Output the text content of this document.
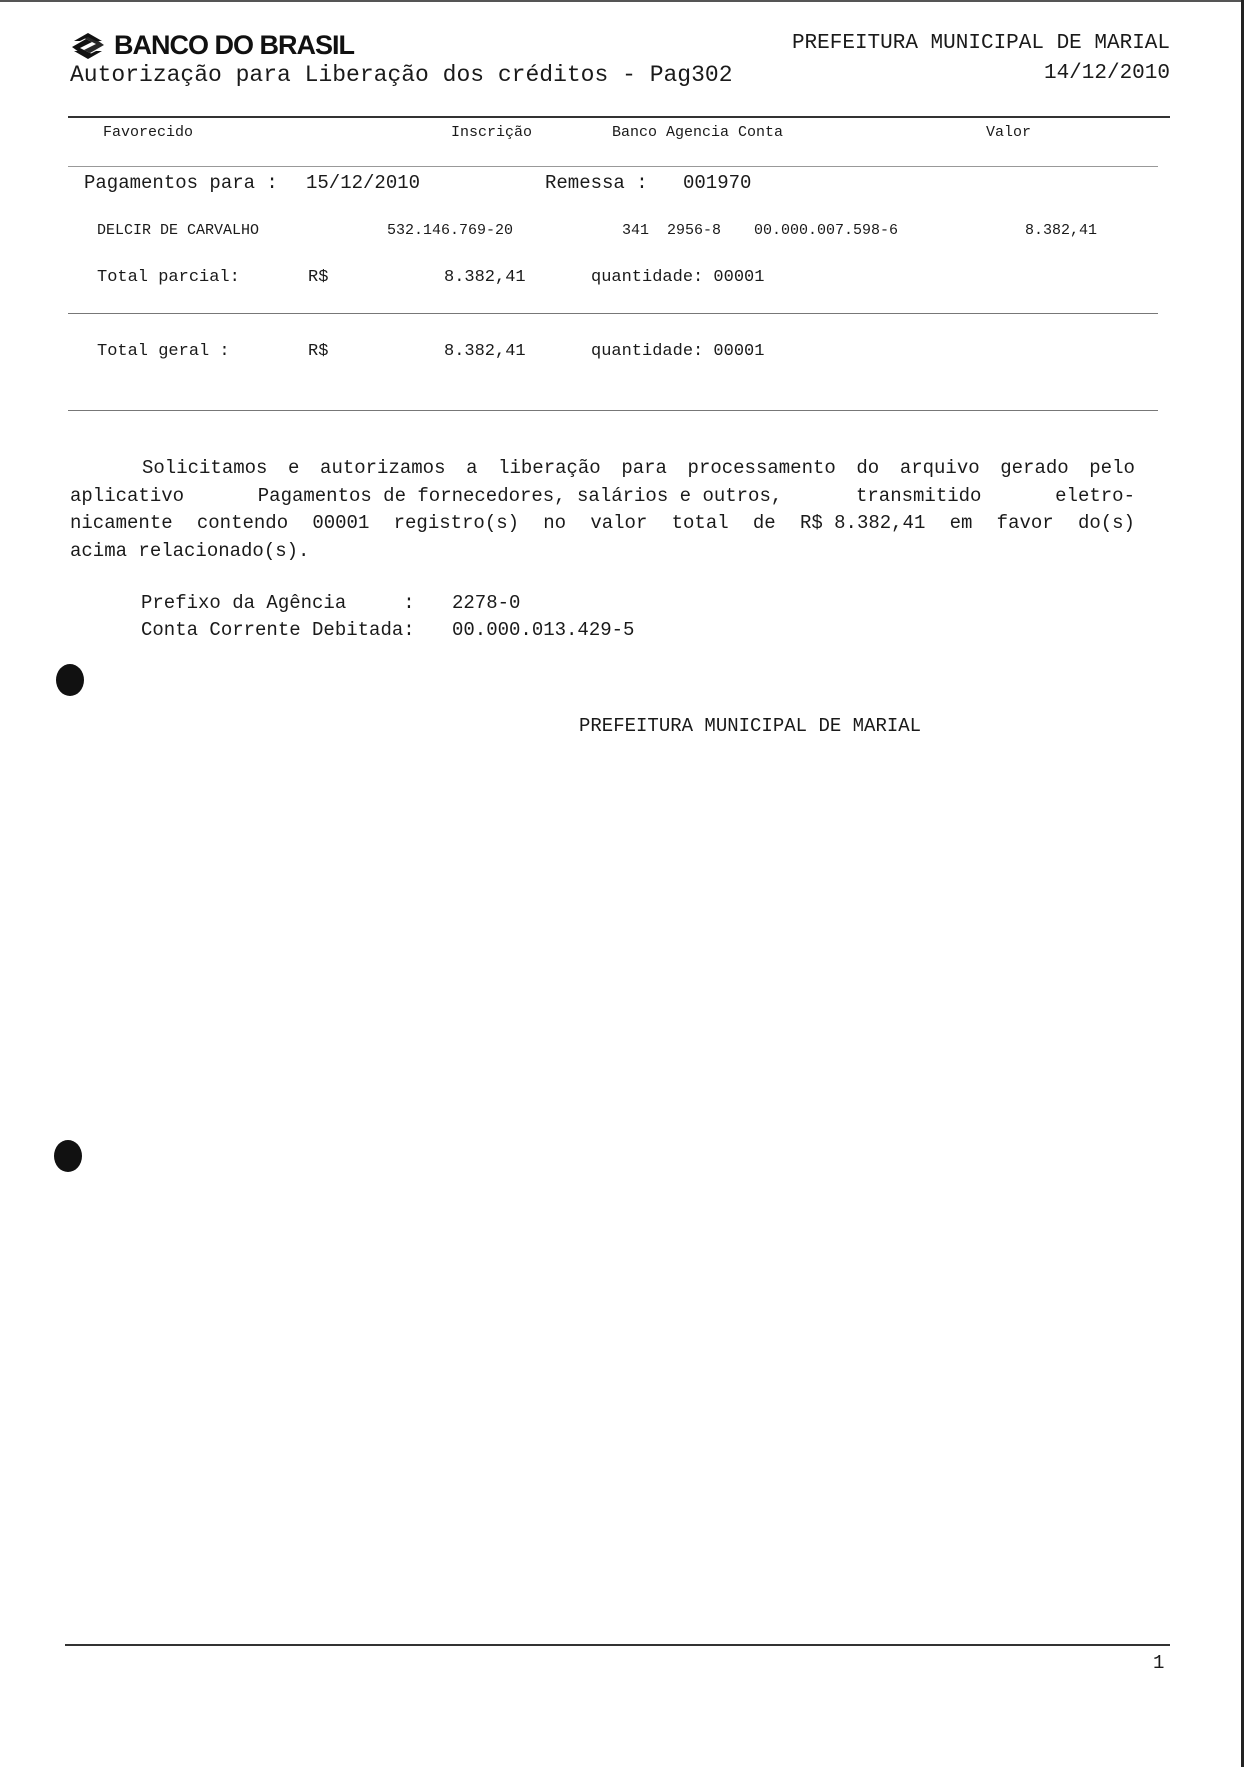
BANCO DO BRASIL
Autorização para Liberação dos créditos - Pag302
PREFEITURA MUNICIPAL DE MARIAL
14/12/2010
Favorecido	Inscrição	Banco Agencia Conta	Valor
Pagamentos para : 15/12/2010	Remessa : 001970
DELCIR DE CARVALHO	532.146.769-20	341  2956-8 00.000.007.598-6	8.382,41
Total parcial:	R$	8.382,41	quantidade: 00001
Total geral :	R$	8.382,41	quantidade: 00001
Solicitamos e autorizamos a liberação para processamento do arquivo gerado pelo
aplicativo	Pagamentos de fornecedores, salários e outros,	transmitido	eletro-
nicamente contendo 00001 registro(s) no valor total de R$ 8.382,41 em favor do(s)
acima relacionado(s).
Prefixo da Agência     : 2278-0
Conta Corrente Debitada: 00.000.013.429-5
PREFEITURA MUNICIPAL DE MARIAL
1
